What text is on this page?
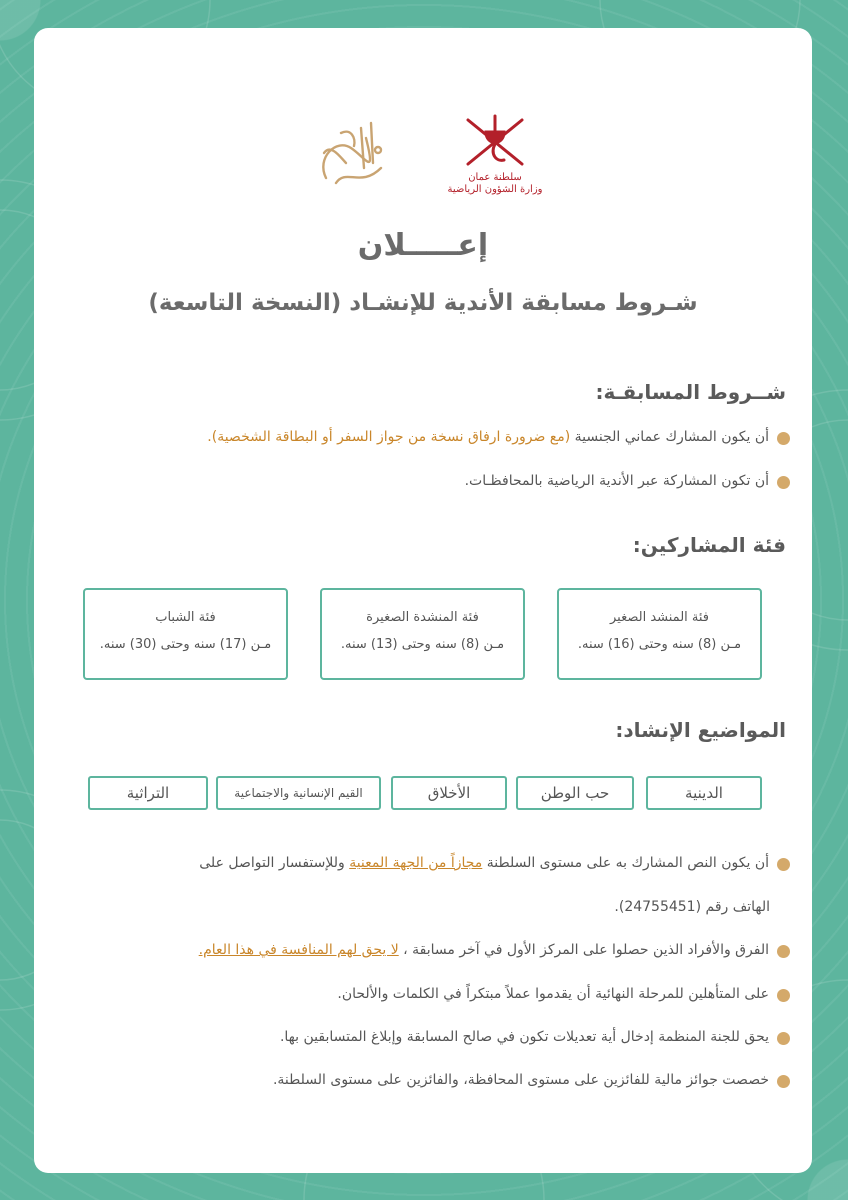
سلطنة عمان
وزارة الشؤون الرياضية
إعـــــلان
شـروط مسابقة الأندية للإنشـاد (النسخة التاسعة)
شــروط المسابقـة:
أن يكون المشارك عماني الجنسية (مع ضرورة ارفاق نسخة من جواز السفر أو البطاقة الشخصية).
أن تكون المشاركة عبر الأندية الرياضية بالمحافظـات.
فئة المشاركين:
فئة المنشد الصغير
مـن (8) سنه وحتى (16) سنه.
فئة المنشدة الصغيرة
مـن (8) سنه وحتى (13) سنه.
فئة الشباب
مـن (17) سنه وحتى (30) سنه.
المواضيع الإنشاد:
الدينية
حب الوطن
الأخلاق
القيم الإنسانية والاجتماعية
التراثية
أن يكون النص المشارك به على مستوى السلطنة مجازاً من الجهة المعنية وللإستفسار التواصل على
الهاتف رقم (24755451).
الفرق والأفراد الذين حصلوا على المركز الأول في آخر مسابقة ، لا يحق لهم المنافسة في هذا العام.
على المتأهلين للمرحلة النهائية أن يقدموا عملاً مبتكراً في الكلمات والألحان.
يحق للجنة المنظمة إدخال أية تعديلات تكون في صالح المسابقة وإبلاغ المتسابقين بها.
خصصت جوائز مالية للفائزين على مستوى المحافظة، والفائزين على مستوى السلطنة.
